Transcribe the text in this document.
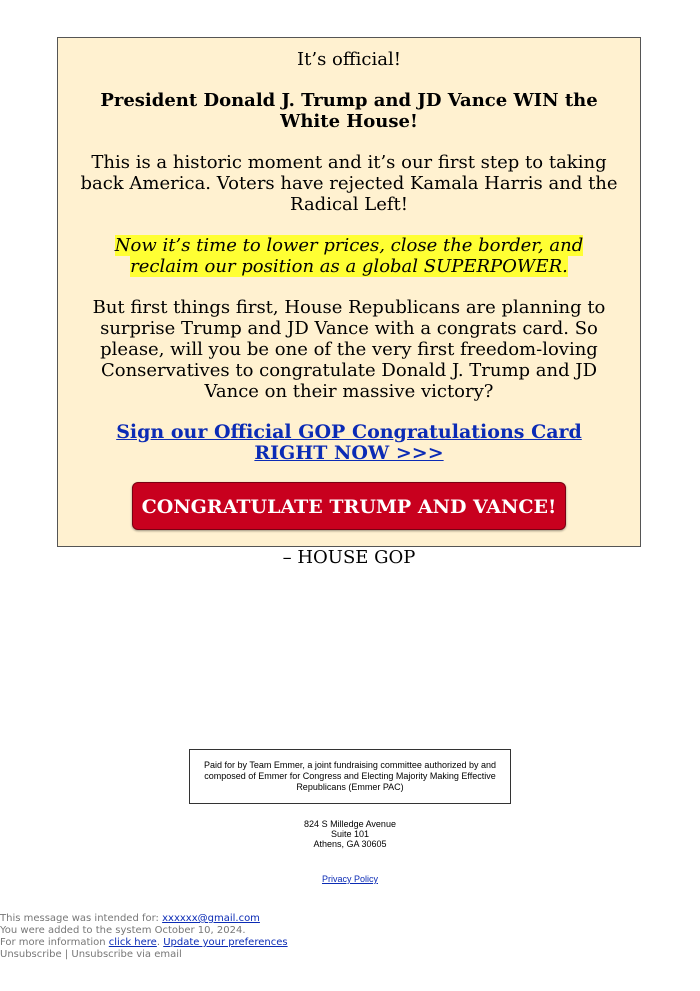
It’s official!

President Donald J. Trump and JD Vance WIN the White House!

This is a historic moment and it’s our first step to taking back America. Voters have rejected Kamala Harris and the Radical Left!

Now it’s time to lower prices, close the border, and reclaim our position as a global SUPERPOWER.

But first things first, House Republicans are planning to surprise Trump and JD Vance with a congrats card. So please, will you be one of the very first freedom-loving Conservatives to congratulate Donald J. Trump and JD Vance on their massive victory?

Sign our Official GOP Congratulations Card RIGHT NOW >>>
CONGRATULATE TRUMP AND VANCE!

– HOUSE GOP

Paid for by Team Emmer, a joint fundraising committee authorized by and composed of Emmer for Congress and Electing Majority Making Effective Republicans (Emmer PAC)
824 S Milledge Avenue
Suite 101
Athens, GA 30605
Privacy Policy
This message was intended for: xxxxxx@gmail.com
You were added to the system October 10, 2024.
For more information click here. Update your preferences
Unsubscribe | Unsubscribe via email
